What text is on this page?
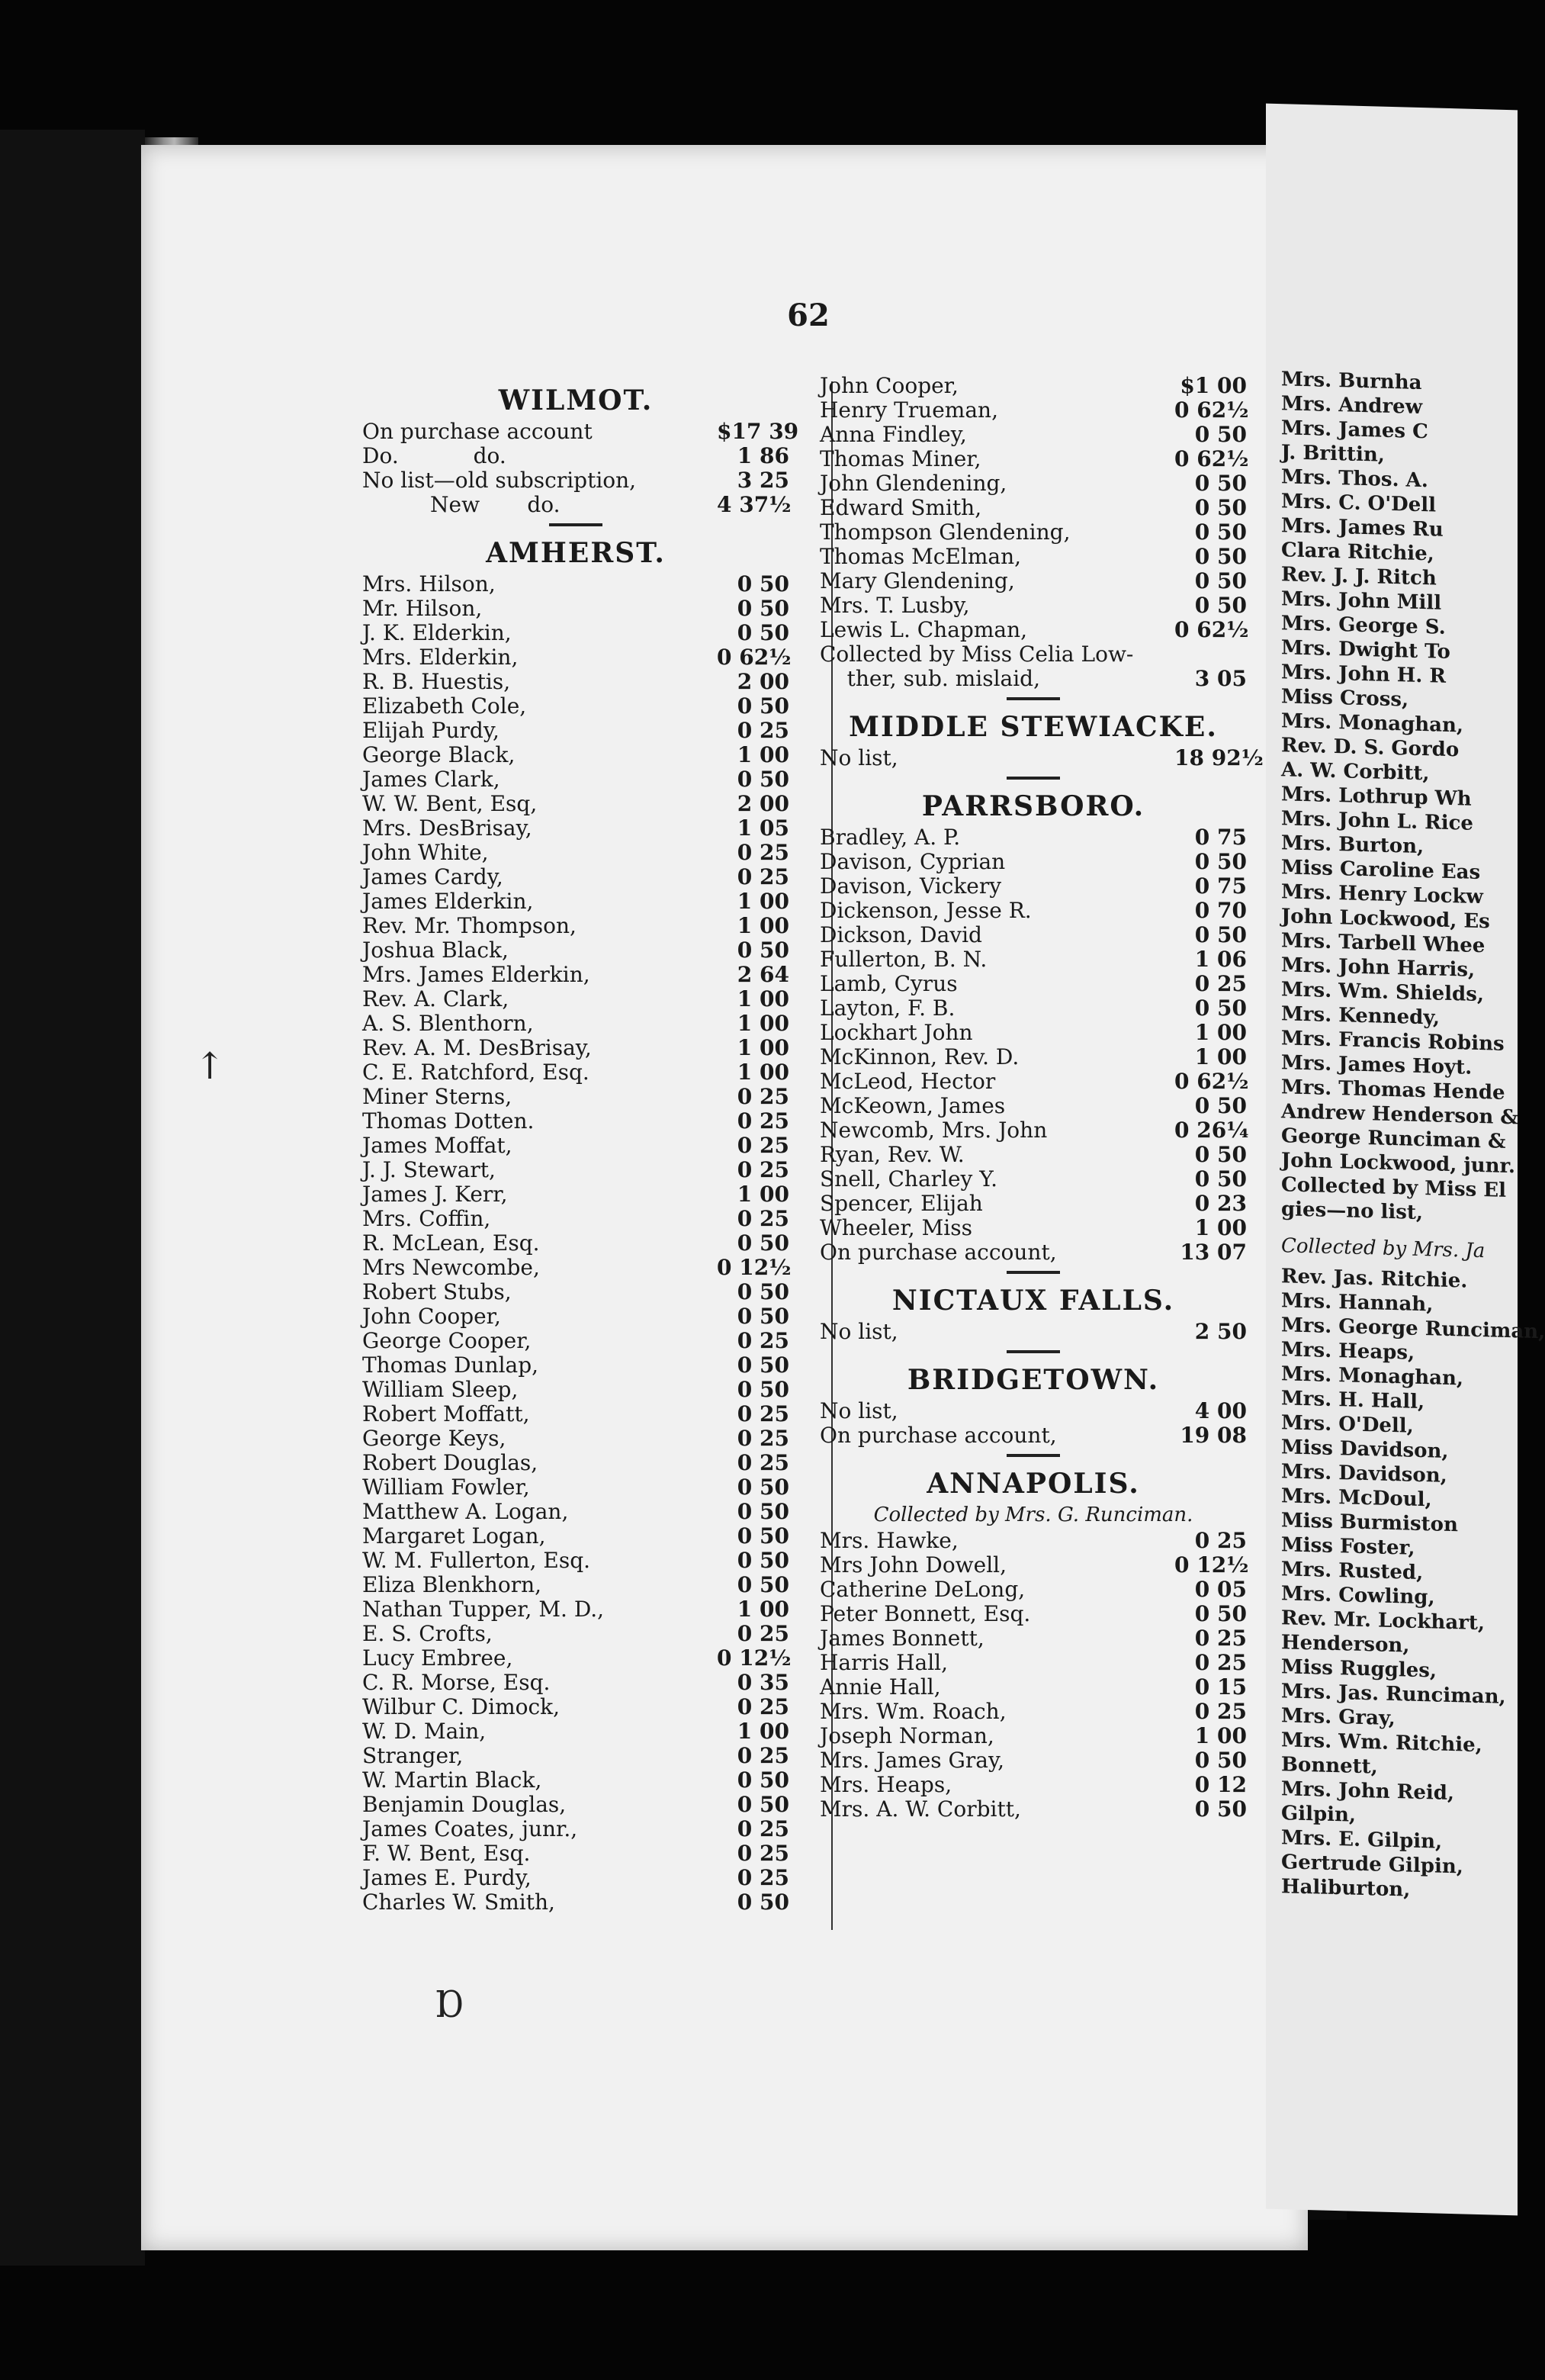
Mrs. Burnha
Mrs. Andrew
Mrs. James C
J. Brittin,
Mrs. Thos. A.
Mrs. C. O'Dell
Mrs. James Ru
Clara Ritchie,
Rev. J. J. Ritch
Mrs. John Mill
Mrs. George S.
Mrs. Dwight To
Mrs. John H. R
Miss Cross,
Mrs. Monaghan,
Rev. D. S. Gordo
A. W. Corbitt,
Mrs. Lothrup Wh
Mrs. John L. Rice
Mrs. Burton,
Miss Caroline Eas
Mrs. Henry Lockw
John Lockwood, Es
Mrs. Tarbell Whee
Mrs. John Harris,
Mrs. Wm. Shields,
Mrs. Kennedy,
Mrs. Francis Robins
Mrs. James Hoyt.
Mrs. Thomas Hende
Andrew Henderson &
George Runciman &
John Lockwood, junr.
Collected by Miss El
gies—no list,
Collected by Mrs. Ja
Rev. Jas. Ritchie.
Mrs. Hannah,
Mrs. George Runciman,
Mrs. Heaps,
Mrs. Monaghan,
Mrs. H. Hall,
Mrs. O'Dell,
Miss Davidson,
Mrs. Davidson,
Mrs. McDoul,
Miss Burmiston
Miss Foster,
Mrs. Rusted,
Mrs. Cowling,
Rev. Mr. Lockhart,
Henderson,
Miss Ruggles,
Mrs. Jas. Runciman,
Mrs. Gray,
Mrs. Wm. Ritchie,
Bonnett,
Mrs. John Reid,
Gilpin,
Mrs. E. Gilpin,
Gertrude Gilpin,
Haliburton,
62
WILMOT.
On purchase account	$17 39
Do.           do.	1 86
No list—old subscription,	3 25
New       do.	4 37½
AMHERST.
Mrs. Hilson,	0 50
Mr. Hilson,	0 50
J. K. Elderkin,	0 50
Mrs. Elderkin,	0 62½
R. B. Huestis,	2 00
Elizabeth Cole,	0 50
Elijah Purdy,	0 25
George Black,	1 00
James Clark,	0 50
W. W. Bent, Esq,	2 00
Mrs. DesBrisay,	1 05
John White,	0 25
James Cardy,	0 25
James Elderkin,	1 00
Rev. Mr. Thompson,	1 00
Joshua Black,	0 50
Mrs. James Elderkin,	2 64
Rev. A. Clark,	1 00
A. S. Blenthorn,	1 00
Rev. A. M. DesBrisay,	1 00
C. E. Ratchford, Esq.	1 00
Miner Sterns,	0 25
Thomas Dotten.	0 25
James Moffat,	0 25
J. J. Stewart,	0 25
James J. Kerr,	1 00
Mrs. Coffin,	0 25
R. McLean, Esq.	0 50
Mrs Newcombe,	0 12½
Robert Stubs,	0 50
John Cooper,	0 50
George Cooper,	0 25
Thomas Dunlap,	0 50
William Sleep,	0 50
Robert Moffatt,	0 25
George Keys,	0 25
Robert Douglas,	0 25
William Fowler,	0 50
Matthew A. Logan,	0 50
Margaret Logan,	0 50
W. M. Fullerton, Esq.	0 50
Eliza Blenkhorn,	0 50
Nathan Tupper, M. D.,	1 00
E. S. Crofts,	0 25
Lucy Embree,	0 12½
C. R. Morse, Esq.	0 35
Wilbur C. Dimock,	0 25
W. D. Main,	1 00
Stranger,	0 25
W. Martin Black,	0 50
Benjamin Douglas,	0 50
James Coates, junr.,	0 25
F. W. Bent, Esq.	0 25
James E. Purdy,	0 25
Charles W. Smith,	0 50
John Cooper,	$1 00
Henry Trueman,	0 62½
Anna Findley,	0 50
Thomas Miner,	0 62½
John Glendening,	0 50
Edward Smith,	0 50
Thompson Glendening,	0 50
Thomas McElman,	0 50
Mary Glendening,	0 50
Mrs. T. Lusby,	0 50
Lewis L. Chapman,	0 62½
Collected by Miss Celia Low-
ther, sub. mislaid,	3 05
MIDDLE STEWIACKE.
No list,	18 92½
PARRSBORO.
Bradley, A. P.	0 75
Davison, Cyprian	0 50
Davison, Vickery	0 75
Dickenson, Jesse R.	0 70
Dickson, David	0 50
Fullerton, B. N.	1 06
Lamb, Cyrus	0 25
Layton, F. B.	0 50
Lockhart John	1 00
McKinnon, Rev. D.	1 00
McLeod, Hector	0 62½
McKeown, James	0 50
Newcomb, Mrs. John	0 26¼
Ryan, Rev. W.	0 50
Snell, Charley Y.	0 50
Spencer, Elijah	0 23
Wheeler, Miss	1 00
On purchase account,	13 07
NICTAUX FALLS.
No list,	2 50
BRIDGETOWN.
No list,	4 00
On purchase account,	19 08
ANNAPOLIS.
Collected by Mrs. G. Runciman.
Mrs. Hawke,	0 25
Mrs John Dowell,	0 12½
Catherine DeLong,	0 05
Peter Bonnett, Esq.	0 50
James Bonnett,	0 25
Harris Hall,	0 25
Annie Hall,	0 15
Mrs. Wm. Roach,	0 25
Joseph Norman,	1 00
Mrs. James Gray,	0 50
Mrs. Heaps,	0 12
Mrs. A. W. Corbitt,	0 50
↑
Ɒ
